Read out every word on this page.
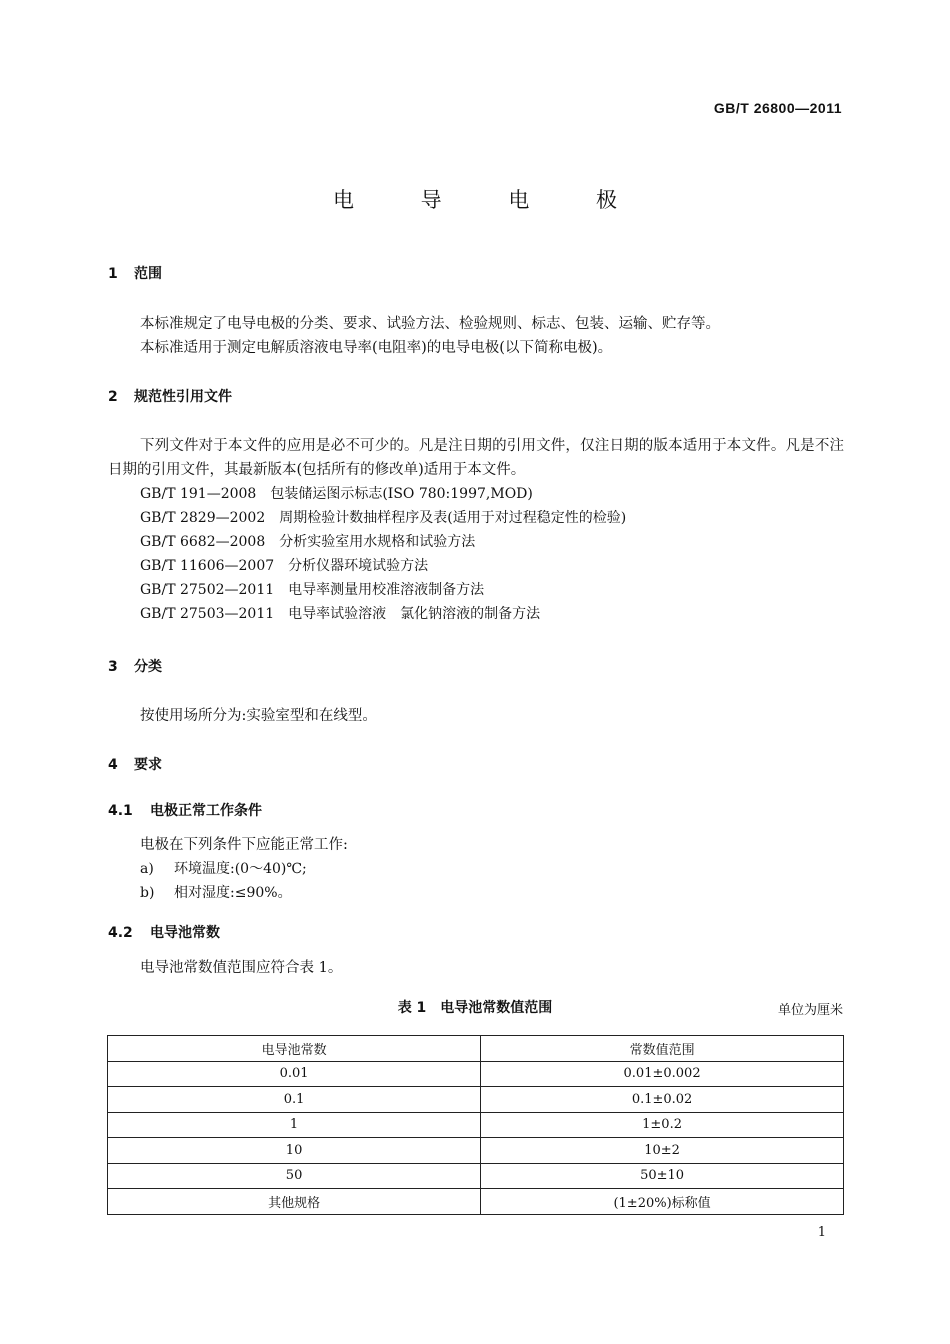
GB/T 26800—2011
电 导 电 极
1 范围
本标准规定了电导电极的分类、要求、试验方法、检验规则、标志、包装、运输、贮存等。
本标准适用于测定电解质溶液电导率(电阻率)的电导电极(以下简称电极)。
2 规范性引用文件
下列文件对于本文件的应用是必不可少的。凡是注日期的引用文件，仅注日期的版本适用于本文件。凡是不注日期的引用文件，其最新版本(包括所有的修改单)适用于本文件。
GB/T 191—2008 包装储运图示标志(ISO 780:1997,MOD)
GB/T 2829—2002 周期检验计数抽样程序及表(适用于对过程稳定性的检验)
GB/T 6682—2008 分析实验室用水规格和试验方法
GB/T 11606—2007 分析仪器环境试验方法
GB/T 27502—2011 电导率测量用校准溶液制备方法
GB/T 27503—2011 电导率试验溶液　氯化钠溶液的制备方法
3 分类
按使用场所分为:实验室型和在线型。
4 要求
4.1 电极正常工作条件
电极在下列条件下应能正常工作:
a) 环境温度:(0～40)℃;
b) 相对湿度:≤90%。
4.2 电导池常数
电导池常数值范围应符合表 1。
表 1　电导池常数值范围	单位为厘米
电导池常数	常数值范围
0.01	0.01±0.002
0.1	0.1±0.02
1	1±0.2
10	10±2
50	50±10
其他规格	(1±20%)标称值
1
